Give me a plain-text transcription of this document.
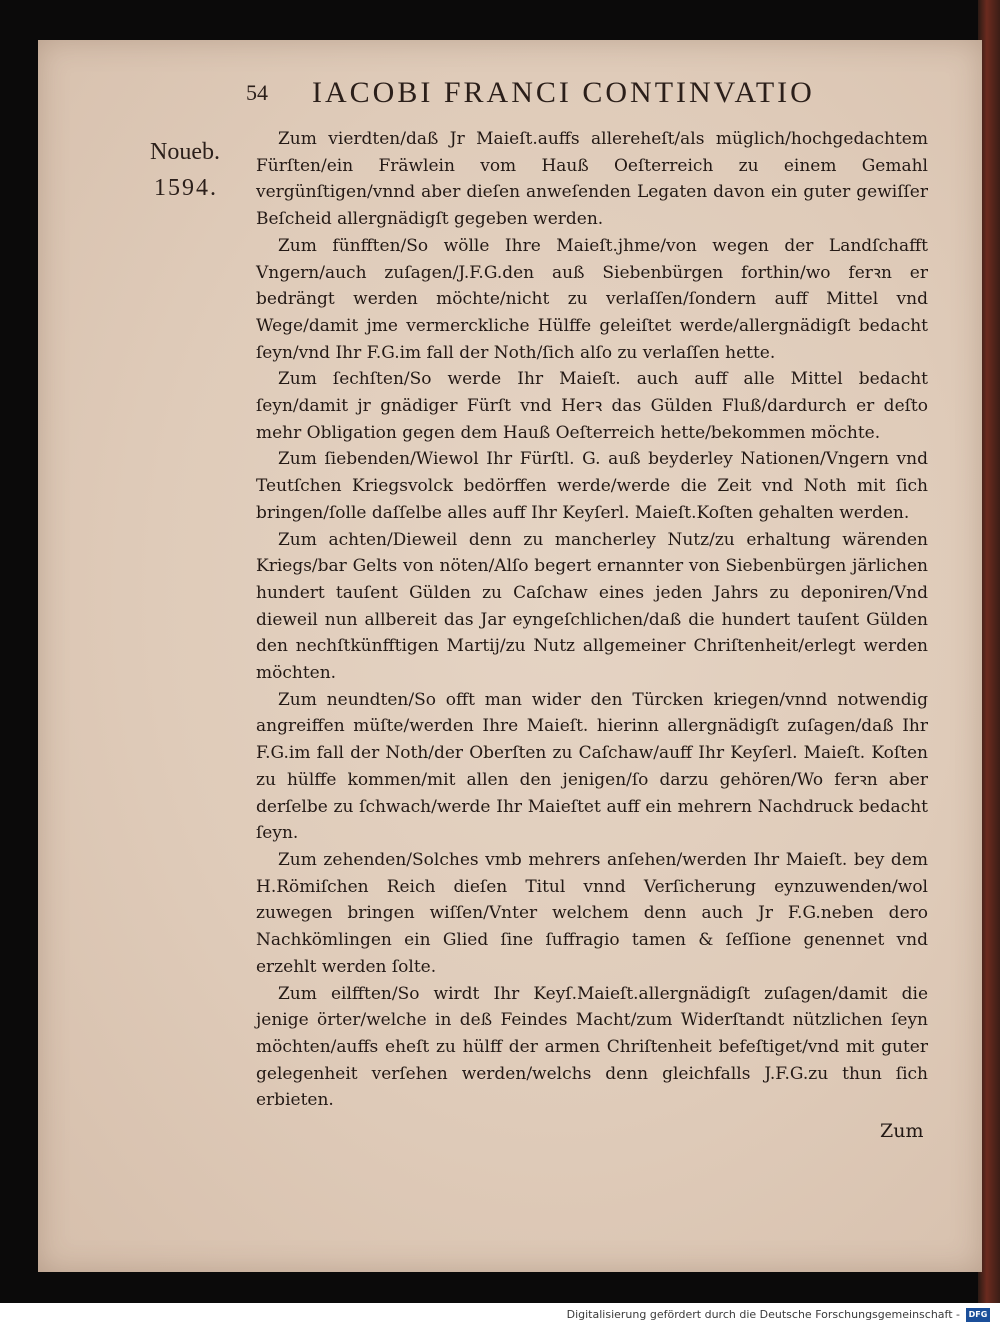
54 IACOBI FRANCI CONTINVATIO
Noueb.
1594.

Zum vierdten/daß Jr Maieſt.auffs allereheſt/als müglich/hochgedachtem Fürſten/ein Fräwlein vom Hauß Oeſterreich zu einem Gemahl vergünſtigen/vnnd aber dieſen anweſenden Legaten davon ein guter gewiſſer Beſcheid allergnädigſt gegeben werden.

Zum fünfften/So wölle Ihre Maieſt.jhme/von wegen der Landſchafft Vngern/auch zuſagen/J.F.G.den auß Siebenbürgen forthin/wo ferꝛn er bedrängt werden möchte/nicht zu verlaſſen/ſondern auff Mittel vnd Wege/damit jme vermerckliche Hülffe geleiſtet werde/allergnädigſt bedacht ſeyn/vnd Ihr F.G.im fall der Noth/ſich alſo zu verlaſſen hette.

Zum ſechſten/So werde Ihr Maieſt. auch auff alle Mittel bedacht ſeyn/damit jr gnädiger Fürſt vnd Herꝛ das Gülden Fluß/dardurch er deſto mehr Obligation gegen dem Hauß Oeſterreich hette/bekommen möchte.

Zum ſiebenden/Wiewol Ihr Fürſtl. G. auß beyderley Nationen/Vngern vnd Teutſchen Kriegsvolck bedörffen werde/werde die Zeit vnd Noth mit ſich bringen/ſolle daſſelbe alles auff Ihr Keyſerl. Maieſt.Koſten gehalten werden.

Zum achten/Dieweil denn zu mancherley Nutz/zu erhaltung wärenden Kriegs/bar Gelts von nöten/Alſo begert ernannter von Siebenbürgen järlichen hundert tauſent Gülden zu Caſchaw eines jeden Jahrs zu deponiren/Vnd dieweil nun allbereit das Jar eyngeſchlichen/daß die hundert tauſent Gülden den nechſtkünfftigen Martij/zu Nutz allgemeiner Chriſtenheit/erlegt werden möchten.

Zum neundten/So offt man wider den Türcken kriegen/vnnd notwendig angreiffen müſte/werden Ihre Maieſt. hierinn allergnädigſt zuſagen/daß Ihr F.G.im fall der Noth/der Oberſten zu Caſchaw/auff Ihr Keyſerl. Maieſt. Koſten zu hülffe kommen/mit allen den jenigen/ſo darzu gehören/Wo ferꝛn aber derſelbe zu ſchwach/werde Ihr Maieſtet auff ein mehrern Nachdruck bedacht ſeyn.

Zum zehenden/Solches vmb mehrers anſehen/werden Ihr Maieſt. bey dem H.Römiſchen Reich dieſen Titul vnnd Verſicherung eynzuwenden/wol zuwegen bringen wiſſen/Vnter welchem denn auch Jr F.G.neben dero Nachkömlingen ein Glied ſine ſuffragio tamen & ſeſſione genennet vnd erzehlt werden ſolte.

Zum eilfften/So wirdt Ihr Keyſ.Maieſt.allergnädigſt zuſagen/damit die jenige örter/welche in deß Feindes Macht/zum Widerſtandt nützlichen ſeyn möchten/auffs eheſt zu hülff der armen Chriſtenheit befeſtiget/vnd mit guter gelegenheit verſehen werden/welchs denn gleichfalls J.F.G.zu thun ſich erbieten.

Zum
Digitalisierung gefördert durch die Deutsche Forschungsgemeinschaft -	DFG
